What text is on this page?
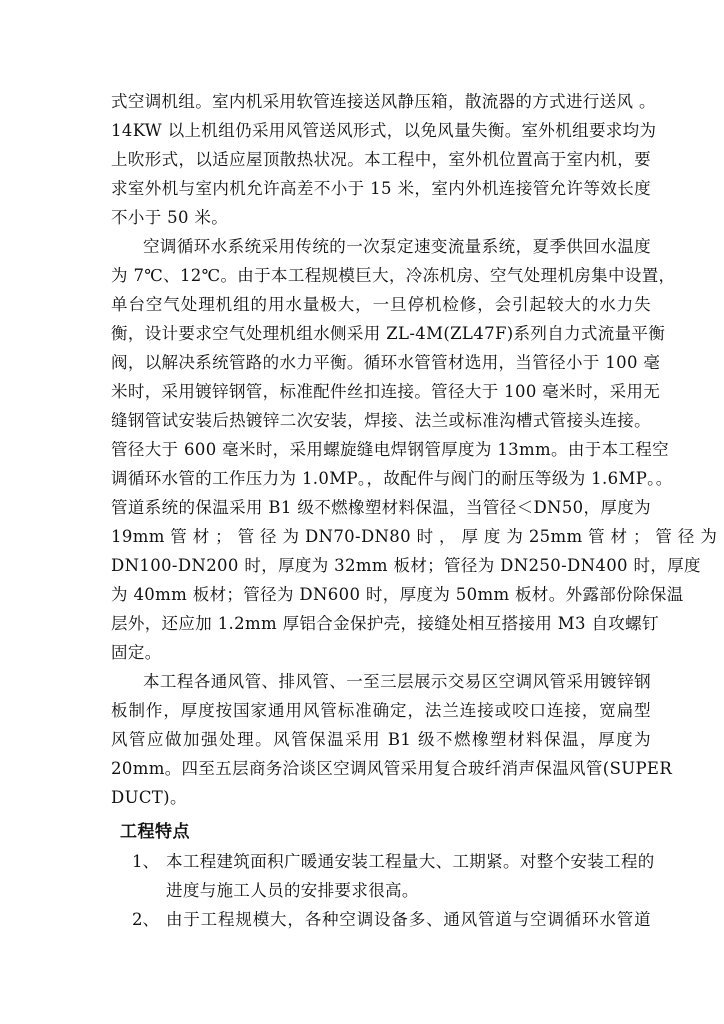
式空调机组。室内机采用软管连接送风静压箱，散流器的方式进行送风 。
14KW 以上机组仍采用风管送风形式，以免风量失衡。室外机组要求均为
上吹形式，以适应屋顶散热状况。本工程中，室外机位置高于室内机，要
求室外机与室内机允许高差不小于 15 米，室内外机连接管允许等效长度
不小于 50 米。
空调循环水系统采用传统的一次泵定速变流量系统，夏季供回水温度
为 7℃、12℃。由于本工程规模巨大，冷冻机房、空气处理机房集中设置，
单台空气处理机组的用水量极大，一旦停机检修，会引起较大的水力失
衡，设计要求空气处理机组水侧采用 ZL-4M(ZL47F)系列自力式流量平衡
阀，以解决系统管路的水力平衡。循环水管管材选用，当管径小于 100 毫
米时，采用镀锌钢管，标准配件丝扣连接。管径大于 100 毫米时，采用无
缝钢管试安装后热镀锌二次安装，焊接、法兰或标准沟槽式管接头连接。
管径大于 600 毫米时，采用螺旋缝电焊钢管厚度为 13mm。由于本工程空
调循环水管的工作压力为 1.0MP。，故配件与阀门的耐压等级为 1.6MP。。
管道系统的保温采用 B1 级不燃橡塑材料保温，当管径＜DN50，厚度为
19mm 管 材 ； 管 径 为 DN70-DN80 时 ， 厚 度 为 25mm 管 材 ； 管 径 为
DN100-DN200 时，厚度为 32mm 板材；管径为 DN250-DN400 时，厚度
为 40mm 板材；管径为 DN600 时，厚度为 50mm 板材。外露部份除保温
层外，还应加 1.2mm 厚铝合金保护壳，接缝处相互搭接用 M3 自攻螺钉
固定。
本工程各通风管、排风管、一至三层展示交易区空调风管采用镀锌钢
板制作，厚度按国家通用风管标准确定，法兰连接或咬口连接，宽扁型
风管应做加强处理。风管保温采用 B1 级不燃橡塑材料保温，厚度为
20mm。四至五层商务洽谈区空调风管采用复合玻纤消声保温风管(SUPER
DUCT)。
工程特点
1、 本工程建筑面积广暖通安装工程量大、工期紧。对整个安装工程的
进度与施工人员的安排要求很高。
2、 由于工程规模大，各种空调设备多、通风管道与空调循环水管道
